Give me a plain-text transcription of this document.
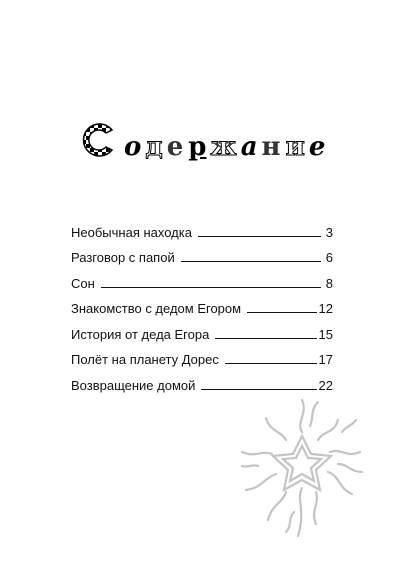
о д е р ж а н и е
Необычная находка	3
Разговор с папой	6
Сон	8
Знакомство с дедом Егором	12
История от деда Егора	15
Полёт на планету Дорес	17
Возвращение домой	22
